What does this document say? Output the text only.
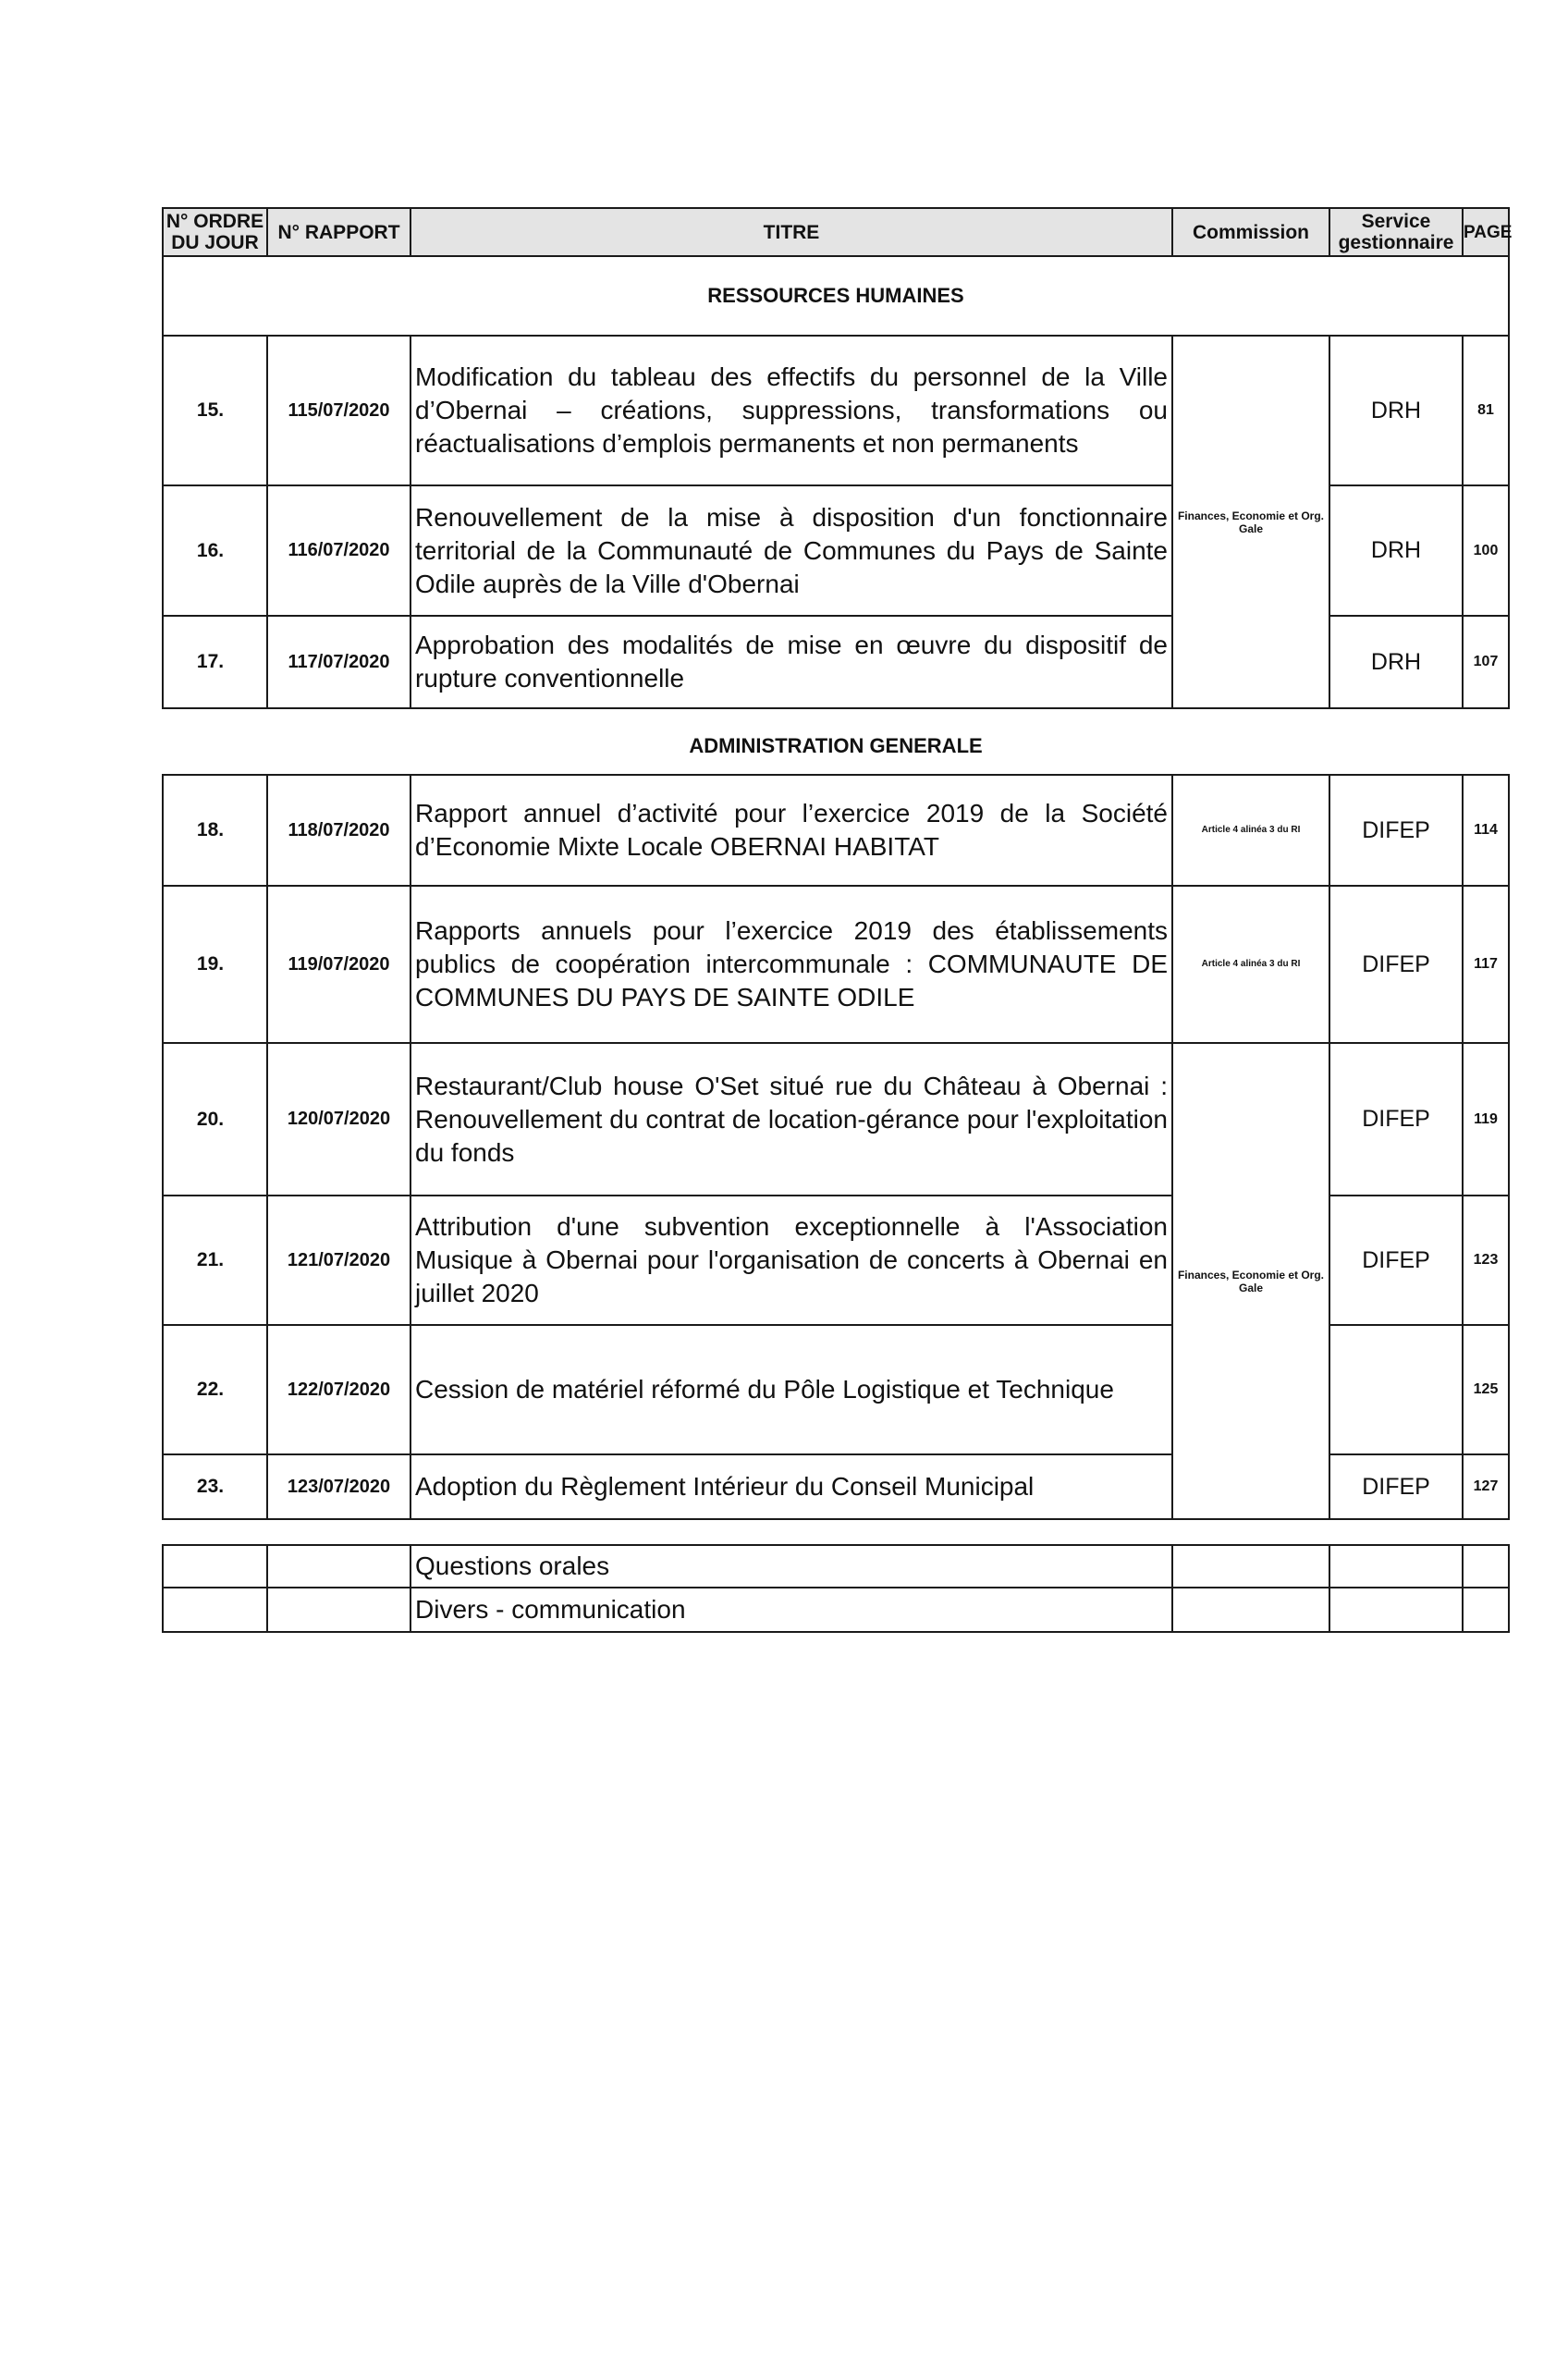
N° ORDRE DU JOUR	N° RAPPORT	TITRE	Commission	Service gestionnaire	PAGE
RESSOURCES HUMAINES					
15.	115/07/2020	Modification du tableau des effectifs du personnel de la Ville d’Obernai – créations, suppressions, transformations ou réactualisations d’emplois permanents et non permanents	Finances, Economie et Org. Gale	DRH	81
16.	116/07/2020	Renouvellement de la mise à disposition d'un fonctionnaire territorial de la Communauté de Communes du Pays de Sainte Odile auprès de la Ville d'Obernai		DRH	100
17.	117/07/2020	Approbation des modalités de mise en œuvre du dispositif de rupture conventionnelle		DRH	107
ADMINISTRATION GENERALE					
18.	118/07/2020	Rapport annuel d’activité pour l’exercice 2019 de la Société d’Economie Mixte Locale OBERNAI HABITAT	Article 4 alinéa 3 du RI	DIFEP	114
19.	119/07/2020	Rapports annuels pour l’exercice 2019 des établissements publics de coopération intercommunale : COMMUNAUTE DE COMMUNES DU PAYS DE SAINTE ODILE	Article 4 alinéa 3 du RI	DIFEP	117
20.	120/07/2020	Restaurant/Club house O'Set situé rue du Château à Obernai : Renouvellement du contrat de location-gérance pour l'exploitation du fonds	Finances, Economie et Org. Gale	DIFEP	119
21.	121/07/2020	Attribution d'une subvention exceptionnelle à l'Association Musique à Obernai pour l'organisation de concerts à Obernai en juillet 2020		DIFEP	123
22.	122/07/2020	Cession de matériel réformé du Pôle Logistique et Technique			125
23.	123/07/2020	Adoption du Règlement Intérieur du Conseil Municipal		DIFEP	127
		Questions orales			
		Divers - communication			
